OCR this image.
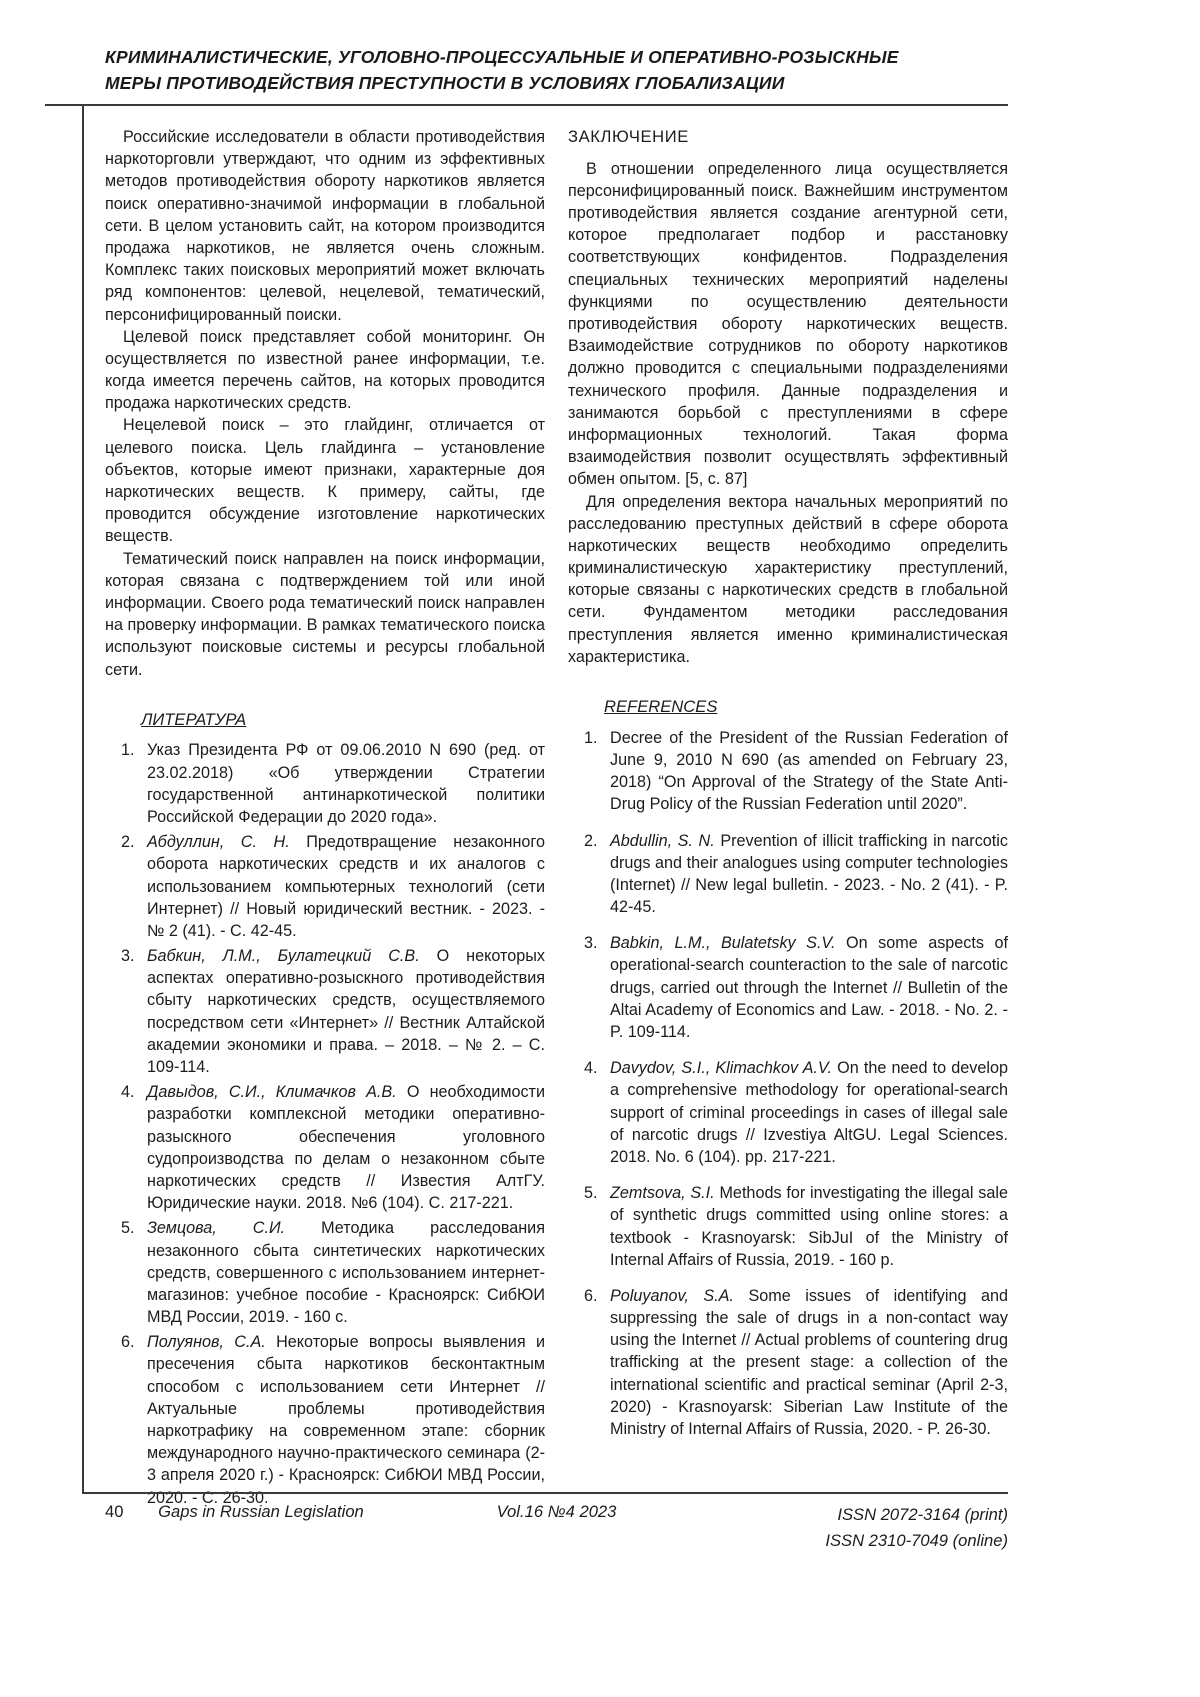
КРИМИНАЛИСТИЧЕСКИЕ, УГОЛОВНО-ПРОЦЕССУАЛЬНЫЕ И ОПЕРАТИВНО-РОЗЫСКНЫЕ
МЕРЫ ПРОТИВОДЕЙСТВИЯ ПРЕСТУПНОСТИ В УСЛОВИЯХ ГЛОБАЛИЗАЦИИ

Российские исследователи в области противодействия наркоторговли утверждают, что одним из эффективных методов противодействия обороту наркотиков является поиск оперативно-значимой информации в глобальной сети. В целом установить сайт, на котором производится продажа наркотиков, не является очень сложным. Комплекс таких поисковых мероприятий может включать ряд компонентов: целевой, нецелевой, тематический, персонифицированный поиски.

Целевой поиск представляет собой мониторинг. Он осуществляется по известной ранее информации, т.е. когда имеется перечень сайтов, на которых проводится продажа наркотических средств.

Нецелевой поиск – это глайдинг, отличается от целевого поиска. Цель глайдинга – установление объектов, которые имеют признаки, характерные доя наркотических веществ. К примеру, сайты, где проводится обсуждение изготовление наркотических веществ.

Тематический поиск направлен на поиск информации, которая связана с подтверждением той или иной информации. Своего рода тематический поиск направлен на проверку информации. В рамках тематического поиска используют поисковые системы и ресурсы глобальной сети.

ЛИТЕРАТУРА
1. Указ Президента РФ от 09.06.2010 N 690 (ред. от 23.02.2018) «Об утверждении Стратегии государственной антинаркотической политики Российской Федерации до 2020 года».
2. Абдуллин, С. Н. Предотвращение незаконного оборота наркотических средств и их аналогов с использованием компьютерных технологий (сети Интернет) // Новый юридический вестник. - 2023. - № 2 (41). - С. 42-45.
3. Бабкин, Л.М., Булатецкий С.В. О некоторых аспектах оперативно-розыскного противодействия сбыту наркотических средств, осуществляемого посредством сети «Интернет» // Вестник Алтайской академии экономики и права. – 2018. – № 2. – С. 109-114.
4. Давыдов, С.И., Климачков А.В. О необходимости разработки комплексной методики оперативно-разыскного обеспечения уголовного судопроизводства по делам о незаконном сбыте наркотических средств // Известия АлтГУ. Юридические науки. 2018. №6 (104). С. 217-221.
5. Земцова, С.И. Методика расследования незаконного сбыта синтетических наркотических средств, совершенного с использованием интернет-магазинов: учебное пособие - Красноярск: СибЮИ МВД России, 2019. - 160 с.
6. Полуянов, С.А. Некоторые вопросы выявления и пресечения сбыта наркотиков бесконтактным способом с использованием сети Интернет // Актуальные проблемы противодействия наркотрафику на современном этапе: сборник международного научно-практического семинара (2-3 апреля 2020 г.) - Красноярск: СибЮИ МВД России, 2020. - С. 26-30.
ЗАКЛЮЧЕНИЕ

В отношении определенного лица осуществляется персонифицированный поиск. Важнейшим инструментом противодействия является создание агентурной сети, которое предполагает подбор и расстановку соответствующих конфидентов. Подразделения специальных технических мероприятий наделены функциями по осуществлению деятельности противодействия обороту наркотических веществ. Взаимодействие сотрудников по обороту наркотиков должно проводится с специальными подразделениями технического профиля. Данные подразделения и занимаются борьбой с преступлениями в сфере информационных технологий. Такая форма взаимодействия позволит осуществлять эффективный обмен опытом. [5, с. 87]

Для определения вектора начальных мероприятий по расследованию преступных действий в сфере оборота наркотических веществ необходимо определить криминалистическую характеристику преступлений, которые связаны с наркотических средств в глобальной сети. Фундаментом методики расследования преступления является именно криминалистическая характеристика.

REFERENCES
1. Decree of the President of the Russian Federation of June 9, 2010 N 690 (as amended on February 23, 2018) “On Approval of the Strategy of the State Anti-Drug Policy of the Russian Federation until 2020”.
2. Abdullin, S. N. Prevention of illicit trafficking in narcotic drugs and their analogues using computer technologies (Internet) // New legal bulletin. - 2023. - No. 2 (41). - P. 42-45.
3. Babkin, L.M., Bulatetsky S.V. On some aspects of operational-search counteraction to the sale of narcotic drugs, carried out through the Internet // Bulletin of the Altai Academy of Economics and Law. - 2018. - No. 2. - P. 109-114.
4. Davydov, S.I., Klimachkov A.V. On the need to develop a comprehensive methodology for operational-search support of criminal proceedings in cases of illegal sale of narcotic drugs // Izvestiya AltGU. Legal Sciences. 2018. No. 6 (104). pp. 217-221.
5. Zemtsova, S.I. Methods for investigating the illegal sale of synthetic drugs committed using online stores: a textbook - Krasnoyarsk: SibJuI of the Ministry of Internal Affairs of Russia, 2019. - 160 p.
6. Poluyanov, S.A. Some issues of identifying and suppressing the sale of drugs in a non-contact way using the Internet // Actual problems of countering drug trafficking at the present stage: a collection of the international scientific and practical seminar (April 2-3, 2020) - Krasnoyarsk: Siberian Law Institute of the Ministry of Internal Affairs of Russia, 2020. - P. 26-30.
40 Gaps in Russian Legislation	Vol.16 №4 2023	ISSN 2072-3164 (print)
ISSN 2310-7049 (online)
